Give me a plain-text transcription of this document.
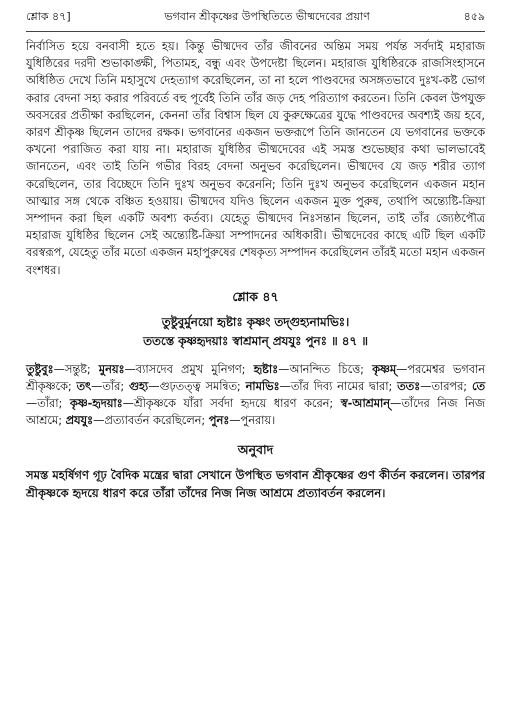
শ্লোক ৪৭]	ভগবান শ্রীকৃষ্ণের উপস্থিতিতে ভীষ্মদেবের প্রয়াণ	৪৫৯

নির্বাসিত হয়ে বনবাসী হতে হয়। কিন্তু ভীষ্মদেব তাঁর জীবনের অন্তিম সময় পর্যন্ত সর্বদাই মহারাজ যুধিষ্ঠিরের দরদী শুভাকাঙ্ক্ষী, পিতামহ, বন্ধু এবং উপদেষ্টা ছিলেন। মহারাজ যুধিষ্ঠিরকে রাজসিংহাসনে অধিষ্ঠিত দেখে তিনি মহাসুখে দেহত্যাগ করেছিলেন, তা না হলে পাণ্ডবদের অসঙ্গতভাবে দুঃখ-কষ্ট ভোগ করার বেদনা সহ্য করার পরিবর্তে বহু পূর্বেই তিনি তাঁর জড় দেহ পরিত্যাগ করতেন। তিনি কেবল উপযুক্ত অবসরের প্রতীক্ষা করছিলেন, কেননা তাঁর বিশ্বাস ছিল যে কুরুক্ষেত্রের যুদ্ধে পাণ্ডবদের অবশ্যই জয় হবে, কারণ শ্রীকৃষ্ণ ছিলেন তাদের রক্ষক। ভগবানের একজন ভক্তরূপে তিনি জানতেন যে ভগবানের ভক্তকে কখনো পরাজিত করা যায় না। মহারাজ যুধিষ্ঠির ভীষ্মদেবের এই সমস্ত শুভেচ্ছার কথা ভালভাবেই জানতেন, এবং তাই তিনি গভীর বিরহ বেদনা অনুভব করেছিলেন। ভীষ্মদেব যে জড় শরীর ত্যাগ করেছিলেন, তার বিচ্ছেদে তিনি দুঃখ অনুভব করেননি; তিনি দুঃখ অনুভব করেছিলেন একজন মহান আত্মার সঙ্গ থেকে বঞ্চিত হওয়ায়। ভীষ্মদেব যদিও ছিলেন একজন মুক্ত পুরুষ, তথাপি অন্ত্যেষ্টি-ক্রিয়া সম্পাদন করা ছিল একটি অবশ্য কর্তব্য। যেহেতু ভীষ্মদেব নিঃসন্তান ছিলেন, তাই তাঁর জ্যেষ্ঠপৌত্র মহারাজ যুধিষ্ঠির ছিলেন সেই অন্ত্যেষ্টি-ক্রিয়া সম্পাদনের অধিকারী। ভীষ্মদেবের কাছে এটি ছিল একটি বরস্বরূপ, যেহেতু তাঁর মতো একজন মহাপুরুষের শেষকৃত্য সম্পাদন করেছিলেন তাঁরই মতো মহান একজন বংশধর।

শ্লোক ৪৭
তুষ্টুবুর্মুনয়ো হৃষ্টাঃ কৃষ্ণং তদ্গুহ্যনামভিঃ।
ততস্তে কৃষ্ণহৃদয়াঃ স্বাশ্রমান্ প্রযযুঃ পুনঃ ॥ ৪৭ ॥

তুষ্টুবুঃ—সন্তুষ্ট; মুনয়ঃ—ব্যাসদেব প্রমুখ মুনিগণ; হৃষ্টাঃ—আনন্দিত চিত্তে; কৃষ্ণম্—পরমেশ্বর ভগবান শ্রীকৃষ্ণকে; তৎ—তাঁর; গুহ্য—গুঢ়তত্ত্ব সমন্বিত; নামভিঃ—তাঁর দিব্য নামের দ্বারা; ততঃ—তারপর; তে—তাঁরা; কৃষ্ণ-হৃদয়াঃ—শ্রীকৃষ্ণকে যাঁরা সর্বদা হৃদয়ে ধারণ করেন; স্ব-আশ্রমান্—তাঁদের নিজ নিজ আশ্রমে; প্রযযুঃ—প্রত্যাবর্তন করেছিলেন; পুনঃ—পুনরায়।

অনুবাদ

সমস্ত মহর্ষিগণ গূঢ় বৈদিক মন্ত্রের দ্বারা সেখানে উপস্থিত ভগবান শ্রীকৃষ্ণের গুণ কীর্তন করলেন। তারপর শ্রীকৃষ্ণকে হৃদয়ে ধারণ করে তাঁরা তাঁদের নিজ নিজ আশ্রমে প্রত্যাবর্তন করলেন।
